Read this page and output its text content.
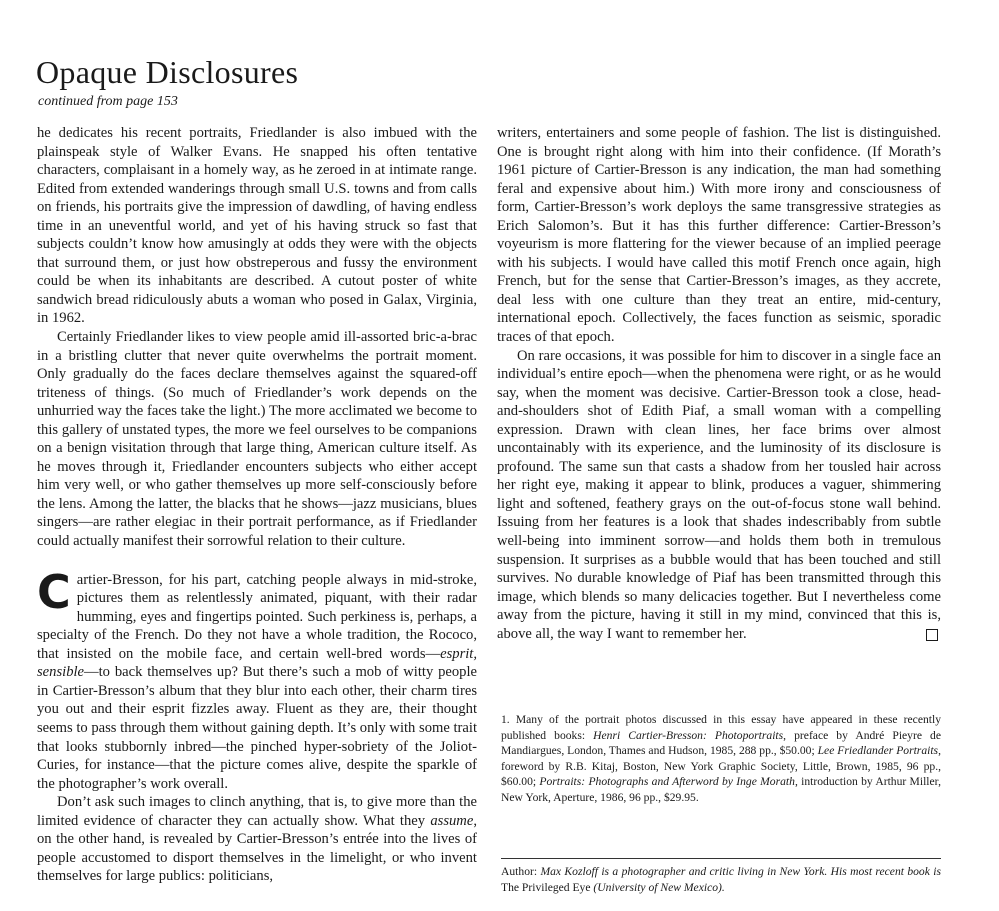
Opaque Disclosures
continued from page 153

he dedicates his recent portraits, Friedlander is also imbued with the plainspeak style of Walker Evans. He snapped his often tentative characters, complaisant in a homely way, as he zeroed in at intimate range. Edited from extended wanderings through small U.S. towns and from calls on friends, his portraits give the impression of dawdling, of having endless time in an uneventful world, and yet of his having struck so fast that subjects couldn’t know how amusingly at odds they were with the objects that surround them, or just how obstreperous and fussy the environment could be when its inhabitants are described. A cutout poster of white sandwich bread ridiculously abuts a woman who posed in Galax, Virginia, in 1962.

Certainly Friedlander likes to view people amid ill-assorted bric-a-brac in a bristling clutter that never quite overwhelms the portrait moment. Only gradually do the faces declare themselves against the squared-off triteness of things. (So much of Friedlander’s work depends on the unhurried way the faces take the light.) The more acclimated we become to this gallery of unstated types, the more we feel ourselves to be companions on a benign visitation through that large thing, American culture itself. As he moves through it, Friedlander encounters subjects who either accept him very well, or who gather themselves up more self-consciously before the lens. Among the latter, the blacks that he shows—jazz musicians, blues singers—are rather elegiac in their portrait performance, as if Friedlander could actually manifest their sorrowful relation to their culture.

Cartier-Bresson, for his part, catching people always in mid-stroke, pictures them as relentlessly animated, piquant, with their radar humming, eyes and fingertips pointed. Such perkiness is, perhaps, a specialty of the French. Do they not have a whole tradition, the Rococo, that insisted on the mobile face, and certain well-bred words—esprit, sensible—to back themselves up? But there’s such a mob of witty people in Cartier-Bresson’s album that they blur into each other, their charm tires you out and their esprit fizzles away. Fluent as they are, their thought seems to pass through them without gaining depth. It’s only with some trait that looks stubbornly inbred—the pinched hyper-sobriety of the Joliot-Curies, for instance—that the picture comes alive, despite the sparkle of the photographer’s work overall.

Don’t ask such images to clinch anything, that is, to give more than the limited evidence of character they can actually show. What they assume, on the other hand, is revealed by Cartier-Bresson’s entrée into the lives of people accustomed to disport themselves in the limelight, or who invent themselves for large publics: politicians,

writers, entertainers and some people of fashion. The list is distinguished. One is brought right along with him into their confidence. (If Morath’s 1961 picture of Cartier-Bresson is any indication, the man had something feral and expensive about him.) With more irony and consciousness of form, Cartier-Bresson’s work deploys the same transgressive strategies as Erich Salomon’s. But it has this further difference: Cartier-Bresson’s voyeurism is more flattering for the viewer because of an implied peerage with his subjects. I would have called this motif French once again, high French, but for the sense that Cartier-Bresson’s images, as they accrete, deal less with one culture than they treat an entire, mid-century, international epoch. Collectively, the faces function as seismic, sporadic traces of that epoch.

On rare occasions, it was possible for him to discover in a single face an individual’s entire epoch—when the phenomena were right, or as he would say, when the moment was decisive. Cartier-Bresson took a close, head-and-shoulders shot of Edith Piaf, a small woman with a compelling expression. Drawn with clean lines, her face brims over almost uncontainably with its experience, and the luminosity of its disclosure is profound. The same sun that casts a shadow from her tousled hair across her right eye, making it appear to blink, produces a vaguer, shimmering light and softened, feathery grays on the out-of-focus stone wall behind. Issuing from her features is a look that shades indescribably from subtle well-being into imminent sorrow—and holds them both in tremulous suspension. It surprises as a bubble would that has been touched and still survives. No durable knowledge of Piaf has been transmitted through this image, which blends so many delicacies together. But I nevertheless come away from the picture, having it still in my mind, convinced that this is, above all, the way I want to remember her.

1. Many of the portrait photos discussed in this essay have appeared in these recently published books: Henri Cartier-Bresson: Photoportraits, preface by André Pieyre de Mandiargues, London, Thames and Hudson, 1985, 288 pp., $50.00; Lee Friedlander Portraits, foreword by R.B. Kitaj, Boston, New York Graphic Society, Little, Brown, 1985, 96 pp., $60.00; Portraits: Photographs and Afterword by Inge Morath, introduction by Arthur Miller, New York, Aperture, 1986, 96 pp., $29.95.
Author: Max Kozloff is a photographer and critic living in New York. His most recent book is The Privileged Eye (University of New Mexico).
